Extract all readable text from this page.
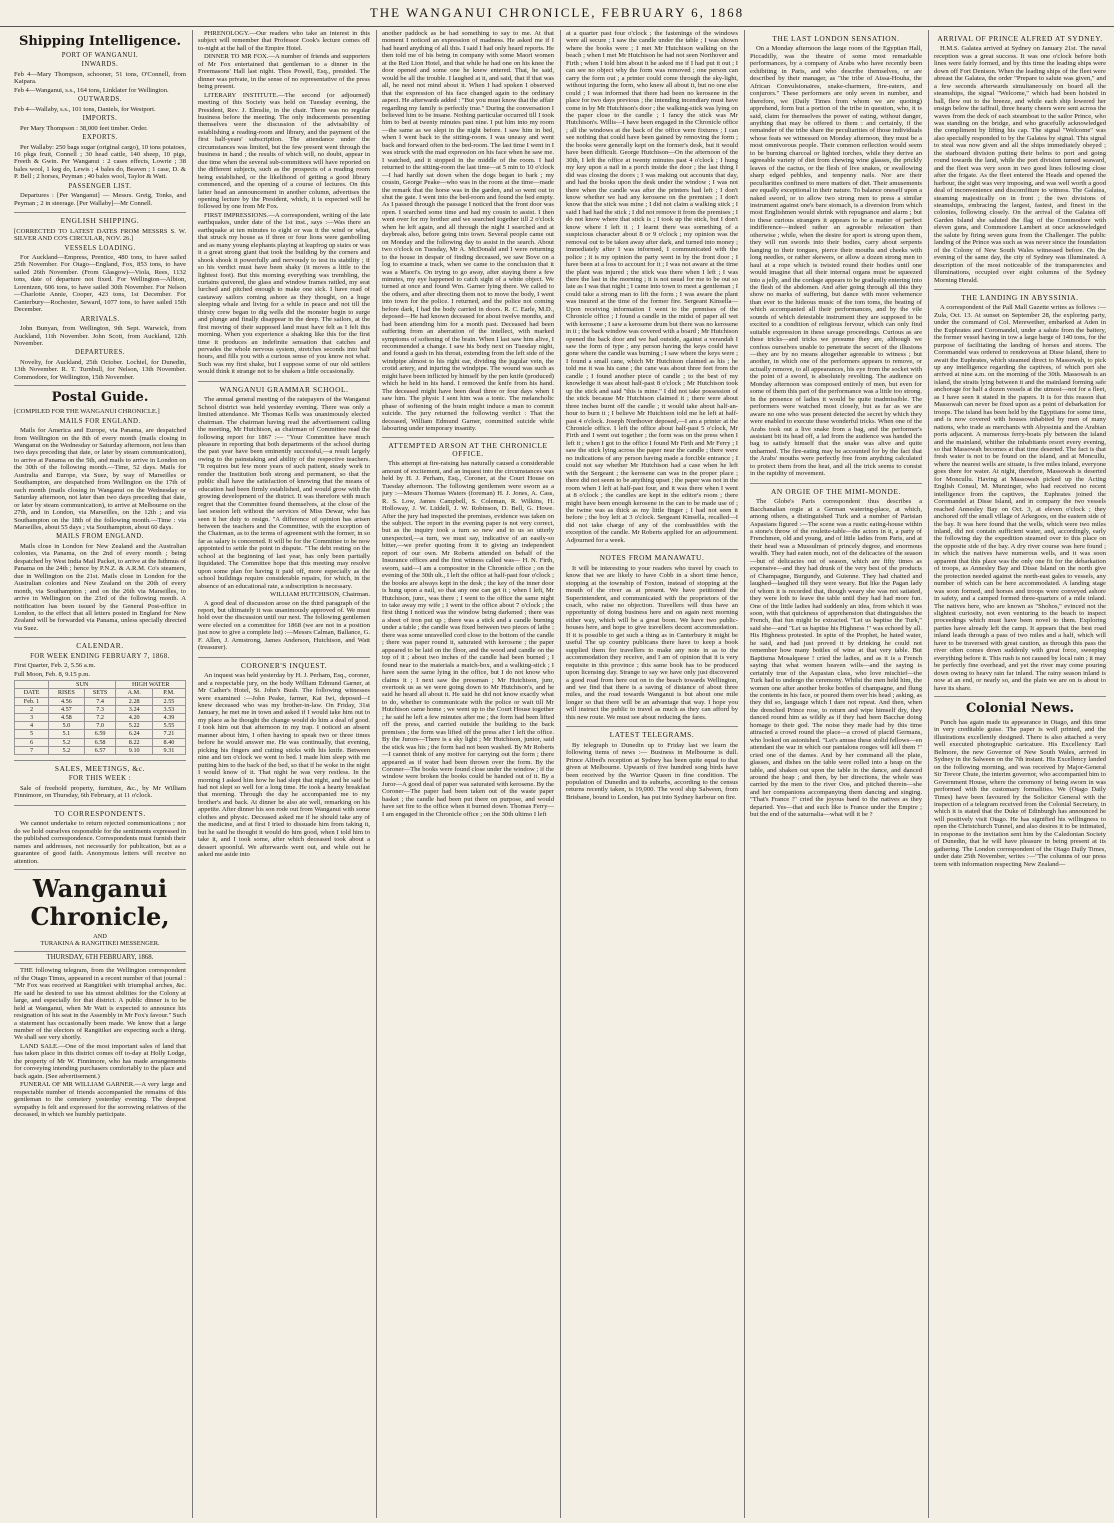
THE WANGANUI CHRONICLE, FEBRUARY 6, 1868
Shipping Intelligence.
PORT OF WANGANUI.
INWARDS.

Feb 4—Mary Thompson, schooner, 51 tons, O'Connell, from Kaipara.

Feb 4—Wanganui, s.s., 164 tons, Linklater for Wellington.

OUTWARDS.

Feb 4—Wallaby, s.s., 101 tons, Daniels, for Westport.

IMPORTS.

Per Mary Thompson : 38,000 feet timber. Order.

EXPORTS.

Per Wallaby: 250 bags sugar (original cargo), 10 tons potatoes, 16 pkgs fruit, Connell ; 30 head cattle, 140 sheep, 10 pigs, Freeth & Gwin. Per Wanganui : 2 cases effects, Lowrie ; 38 bales wool, 1 keg do, Lewis ; 4 bales do, Beaven ; 1 case, D. & P. Bell ; 2 horses, Peyman ; 40 bales wool, Taylor & Watt.

PASSENGER LIST.

Departures : [Per Wanganui] — Messrs. Greig, Tonks, and Peyman ; 2 in steerage. [Per Wallaby]—Mr Connell.

ENGLISH SHIPPING.

[CORRECTED TO LATEST DATES FROM MESSRS S. W. SILVER AND CO'S CIRCULAR, NOV. 26.]

VESSELS LOADING.

For Auckland—Empress, Prentice, 480 tons, to have sailed 25th November. For Otago—England, Fox, 853 tons, to have sailed 26th November. (From Glasgow)—Viola, Rees, 1132 tons, date of departure not fixed. For Wellington—Albion, Lorentzen, 606 tons, to have sailed 30th November. For Nelson—Charlotte Annie, Cooper, 423 tons, 1st December. For Canterbury—Rochester, Seward, 1077 tons, to have sailed 15th December.

ARRIVALS.

John Bunyan, from Wellington, 9th Sept. Warwick, from Auckland, 11th November. John Scott, from Auckland, 12th November.

DEPARTURES.

Novelty, for Auckland, 25th October. Lochiel, for Dunedin, 13th November. R. T. Turnbull, for Nelson, 13th November. Commodore, for Wellington, 15th November.

Postal Guide.

[COMPILED FOR THE WANGANUI CHRONICLE.]

MAILS FOR ENGLAND.

Mails for America and Europe, via Panama, are despatched from Wellington on the 8th of every month (mails closing in Wanganui on the Wednesday or Saturday afternoon, not less than two days preceding that date, or later by steam communication), to arrive at Panama on the 5th, and mails to arrive in London on the 30th of the following month.—Time, 52 days. Mails for Australia and Europe, via Suez, by way of Marseilles or Southampton, are despatched from Wellington on the 17th of each month (mails closing in Wanganui on the Wednesday or Saturday afternoon, not later than two days preceding that date, or later by steam communication), to arrive at Melbourne on the 27th, and in London, via Marseilles, on the 12th ; and via Southampton on the 18th of the following month.—Time : via Marseilles, about 55 days ; via Southampton, about 60 days.

MAILS FROM ENGLAND.

Mails close in London for New Zealand and the Australian colonies, via Panama, on the 2nd of every month ; being despatched by West India Mail Packet, to arrive at the Isthmus of Panama on the 24th ; hence by P.N.Z. & A.R.M. Co's steamers, due in Wellington on the 21st. Mails close in London for the Australian colonies and New Zealand on the 20th of every month, via Southampton ; and on the 26th via Marseilles, to arrive in Wellington on the 23rd of the following month. A notification has been issued by the General Post-office in London, to the effect that all letters posted in England for New Zealand will be forwarded via Panama, unless specially directed via Suez.

CALENDAR.
FOR WEEK ENDING FEBRUARY 7, 1868.

First Quarter, Feb. 2, 5.56 a.m.

Full Moon, Feb. 8, 9.15 p.m.

	SUN		HIGH WATER	
DATE	RISES	SETS	A.M.	P.M.
Feb. 1	4.56	7.4	2.28	2.55
2	4.57	7.3	3.24	3.53
3	4.58	7.2	4.20	4.39
4	5.0	7.0	5.22	5.55
5	5.1	6.59	6.24	7.21
6	5.2	6.58	8.22	8.40
7	5.2	6.57	9.10	9.31
SALES, MEETINGS, &c.
FOR THIS WEEK :

Sale of freehold property, furniture, &c., by Mr William Finnimore, on Thursday, 6th February, at 11 o'clock.

TO CORRESPONDENTS.

We cannot undertake to return rejected communications ; nor do we hold ourselves responsible for the sentiments expressed in the published correspondence. Correspondents must furnish their names and addresses, not necessarily for publication, but as a guarantee of good faith. Anonymous letters will receive no attention.

Wanganui Chronicle,
AND
TURAKINA & RANGITIKEI MESSENGER.
THURSDAY, 6TH FEBRUARY, 1868.

THE following telegram, from the Wellington correspondent of the Otago Times, appeared in a recent number of that journal : "Mr Fox was received at Rangitikei with triumphal arches, &c. He said he desired to use his utmost abilities for the Colony at large, and especially for that district. A public dinner is to be held at Wanganui, when Mr Watt is expected to announce his resignation of his seat in the Assembly in Mr Fox's favour." Such a statement has occasionally been made. We know that a large number of the electors of Rangitikei are expecting such a thing. We shall see very shortly.

LAND SALE.—One of the most important sales of land that has taken place in this district comes off to-day at Holly Lodge, the property of Mr W. Finnimore, who has made arrangements for conveying intending purchasers comfortably to the place and back again. (See advertisement.)

FUNERAL OF MR WILLIAM GARNER.—A very large and respectable number of friends accompanied the remains of this gentleman to the cemetery yesterday evening. The deepest sympathy is felt and expressed for the sorrowing relatives of the deceased, in which we humbly participate.

PHRENOLOGY.—Our readers who take an interest in this subject will remember that Professor Cook's lecture comes off to-night at the hall of the Empire Hotel.

DINNER TO MR FOX.—A number of friends and supporters of Mr Fox entertained that gentleman to a dinner in the Freemasons' Hall last night. Thos Powell, Esq., presided. The dinner was private, in the sense of no representative of the press being present.

LITERARY INSTITUTE.—The second (or adjourned) meeting of this Society was held on Tuesday evening, the President, Rev. J. Elmslie, in the chair. There was no regular business before the meeting. The only inducements presenting themselves were the discussion of the advisability of establishing a reading-room and library, and the payment of the first half-years' subscription. The attendance under the circumstances was limited, but the few present went through the business in hand ; the results of which will, no doubt, appear in due time when the several sub-committees will have reported on the different subjects, such as the prospects of a reading room being established, or the likelihood of getting a good library commenced, and the opening of a course of lectures. On this latter head an announcement in another column, advertises the opening lecture by the President, which, it is expected will be followed by one from Mr Fox.

FIRST IMPRESSIONS.—A correspondent, writing of the late earthquakes, under date of the 1st inst., says :—Was there an earthquake at ten minutes to eight or was it the wind or what, that struck my house as if three or four lions were gambolling and as many young elephants playing at leapfrog up stairs or was it a great strong giant that took the building by the corners and shook shook it powerfully and nervously to test its stability ; if so his verdict must have been shaky (it moves a little to the lightest foot). But this morning everything was trembling, the curtains quivered, the glass and window frames rattled, my seat lurched and pitched enough to make one sick. I have read of castaway sailors coming ashore as they thought, on a huge sleeping whale and living for a while in peace and not till the thirsty crew began to dig wells did the monster begin to surge and plunge and finally disappear in the deep. The sailors, at the first moving of their supposed land must have felt as I felt this morning. When you experience a shaking like this for the first time it produces an indefinite sensation that catches and pervades the whole nervous system, stretches seconds into half hours, and fills you with a curious sense of you know not what. Such was my first shake, but I suppose some of our old settlers would think it strange not to be shaken a little occasionally.

WANGANUI GRAMMAR SCHOOL.

The annual general meeting of the ratepayers of the Wanganui School district was held yesterday evening. There was only a limited attendance. Mr Thomas Kells was unanimously elected chairman. The chairman having read the advertisement calling the meeting, Mr Hutchison, as chairman of Committee read the following report for 1867 :— "Your Committee have much pleasure in reporting that both departments of the school during the past year have been eminently successful,—a result largely owing to the painstaking and ability of the respective teachers. "It requires but few more years of such patient, steady work to render the Institution both strong and permanent, so that the public shall have the satisfaction of knowing that the means of education had been firmly established, and would grow with the growing development of the district. It was therefore with much regret that the Committee found themselves, at the close of the last session left without the services of Miss Dewar, who has seen it her duty to resign. "A difference of opinion has arisen between the teachers and the Committee, with the exception of the Chairman, as to the terms of agreement with the former, in so far as salary is concerned. It will be for the Committee to be now appointed to settle the point in dispute. "The debt resting on the school at the beginning of last year, has only been partially liquidated. The Committee hope that this meeting may resolve upon some plan for having it paid off, more especially as the school buildings require considerable repairs, for which, in the absence of an educational rate, a subscription is necessary.

WILLIAM HUTCHISON, Chairman.

A good deal of discussion arose on the third paragraph of the report, but ultimately it was unanimously approved of. We must hold over the discussion until our next. The following gentlemen were elected on a committee for 1868 (we are not in a position just now to give a complete list) :—Messrs Calman, Ballance, G. F. Allen, J. Armstrong, James Anderson, Hutchison, and Watt (treasurer).

CORONER'S INQUEST.

An inquest was held yesterday by H. J. Perham, Esq., coroner, and a respectable jury, on the body William Edmund Garner, at Mr Cather's Hotel, St. John's Bush. The following witnesses were examined :—John Peake, farmer, Kai Iwi, deposed—I knew deceased who was my brother-in-law. On Friday, 31st January, he met me in town and asked if I would take him out to my place as he thought the change would do him a deal of good. I took him out that afternoon in my trap. I noticed an absent manner about him, I often having to speak two or three times before he would answer me. He was continually, that evening, picking his fingers and cutting sticks with his knife. Between nine and ten o'clock we went to bed. I made him sleep with me putting him to the back of the bed, so that if he woke in the night I would know of it. That night he was very restless. In the morning I asked him how he had slept that night, and he said he had not slept so well for a long time. He took a hearty breakfast that morning. Through the day he accompanied me to my brother's and back. At dinner he also ate well, remarking on his appetite. After dinner his son rode out from Wanganui with some clothes and physic. Deceased asked me if he should take any of the medicine, and at first I tried to dissuade him from taking it, but he said he thought it would do him good, when I told him to take it, and I took some, after which deceased took about a dessert spoonful. We afterwards went out, and while out he asked me aside into

another paddock as he had something to say to me. At that moment I noticed an expression of madness. He asked me if I had heard anything of all this. I said I had only heard reports. He then told me of his being in company with some Maori women at the Red Lion Hotel, and that while he had one on his knee the door opened and some one he knew entered. That, he said, would be all the trouble. I laughed at it, and said, that if that was all, he need not mind about it. When I had spoken I observed that the expression of his face changed again to the ordinary aspect. He afterwards added : "But you must know that the affair regarding my family is perfectly true." During the conversation I believed him to be insane. Nothing particular occurred till I took him to bed at twenty minutes past nine. I put him into my room—the same as we slept in the night before. I saw him in bed, when I went back to the sitting-room. I was uneasy and went back and forward often to the bed-room. The last time I went in I was struck with the mad expression on his face when he saw me. I watched, and it stopped in the middle of the room. I had returned to the sitting-room the last time—at 5 min to 10 o'clock—I had hardly sat down when the dogs began to bark ; my cousin, George Peake—who was in the room at the time—made the remark that the horse was in the garden, and so went out to shut the gate. I went into the bed-room and found the bed empty. As I passed through the passage I noticed that the front door was open. I searched some time and had my cousin to assist. I then went over for my brother and we searched together till 2 o'clock when he left again, and all through the night I searched and at daybreak also, before going into town. Several people came out on Monday and the following day to assist in the search. About two o'clock on Tuesday, Mr A. McDonald and I were returning to the house in despair of finding deceased, we saw Bove on a log to examine a track, when we came to the conclusion that it was a Maori's. On trying to go away, after staying there a few minutes, my eye happened to catch sight of a white object. We turned at once and found Wm. Garner lying there. We called to the others, and after directing them not to move the body, I went into town for the police. I returned, and the police not coming before dark, I had the body carried in doors. R. C. Earle, M.D., deposed—He had known deceased for about twelve months, and had been attending him for a month past. Deceased had been suffering from an aberration of the intellect, with marked symptoms of softening of the brain. When I last saw him alive, I recommended a change. I saw his body next on Tuesday night, and found a gash in his throat, extending from the left side of the windpipe almost to his right ear, dividing the jugular vein, the crotid artery, and injuring the windpipe. The wound was such as might have been inflicted by himself by the pen knife (produced) which he held in his hand. I removed the knife from his hand. The deceased might have been dead three or four days when I saw him. The physic I sent him was a tonic. The melancholic phase of softening of the brain might induce a man to commit suicide. The jury returned the following verdict : That the deceased, William Edmund Garner, committed suicide while labouring under temporary insanity.

ATTEMPTED ARSON AT THE CHRONICLE OFFICE.

This attempt at fire-raising has naturally caused a considerable amount of excitement, and an inquest into the circumstances was held by H. J. Perham, Esq., Coroner, at the Court House on Tuesday afternoon. The following gentlemen were sworn as a jury :—Messrs Thomas Waters (foreman) H. J. Jones, A. Cass, R. S. Low, James Campbell, S. Coleman, R. Wilkins, H. Holloway, J. W. Liddell, J. W. Robinson, D. Bell, G. Howe. After the jury had inspected the premises, evidence was taken on the subject. The report in the evening paper is not very correct, but as the inquiry took a turn so new and to us so utterly unexpected,—a turn, we must say, indicative of an easily-so bitter,—we prefer quoting from it to giving an independent report of our own. Mr Roberts attended on behalf of the Insurance offices and the first witness called was— H. N. Firth, sworn, said—I am a compositor in the Chronicle office ; on the evening of the 30th ult., I left the office at half-past four o'clock ; the books are always kept in the desk ; the key of the inner door is hung upon a nail, so that any one can get it ; when I left, Mr Hutchison, junr., was there ; I went to the office the same night to take away my wife ; I went to the office about 7 o'clock ; the first thing I noticed was the window being darkened ; there was a sheet of iron put up ; there was a stick and a candle burning under a table ; the candle was fixed between two pieces of lathe ; there was some unravelled cord close to the bottom of the candle ; there was paper round it, saturated with kerosene ; the paper appeared to be laid on the floor, and the wood and candle on the top of it ; about two inches of the candle had been burned ; I found near to the materials a match-box, and a walking-stick ; I have seen the same lying in the office, but I do not know who claims it ; I next saw the pressman ; Mr Hutchison, junr, overtook us as we were going down to Mr Hutchison's, and he said he heard all about it. He said he did not know exactly what to do, whether to communicate with the police or wait till Mr Hutchison came home ; we went up to the Court House together ; he said he left a few minutes after me ; the form had been lifted off the press, and carried outside the building to the back premises ; the form was lifted off the press after I left the office. By the Jurors—There is a sky light ; Mr Hutchison, junior, said the stick was his ; the form had not been washed. By Mr Roberts—I cannot think of any motive for carrying out the form ; there appeared as if water had been thrown over the form. By the Coroner—The books were found close under the window ; if the window were broken the books could be handed out of it. By a Juror—A good deal of paper was saturated with kerosene. By the Coroner—The paper had been taken out of the waste paper basket ; the candle had been put there on purpose, and would have set fire to the office when it burned down. Thomas Ferry—I am engaged in the Chronicle office ; on the 30th ultimo I left

at a quarter past four o'clock ; the fastenings of the windows were all secure ; I saw the candle under the table ; I was shown where the books were ; I met Mr Hutchison walking on the beach ; when I met Mr Hutchison he had not seen Northover and Firth ; when I told him about it he asked me if I had put it out ; I can see no object why the form was removed ; one person can carry the form out ; a printer could come through the sky-light, without injuring the form, who knew all about it, but no one else could ; I was informed that there had been no kerosene in the place for two days previous ; the intending incendiary must have come in by Mr Hutchison's door ; the walking-stick was lying on the paper close to the candle ; I fancy the stick was Mr Hutchison's. Willis—I have been engaged in the Chronicle office ; all the windows at the back of the office were fixtures ; I can see nothing that could have been gained by removing the form ; the books were generally kept on the former's desk, but it would have been difficult. George Hutchison—On the afternoon of the 30th, I left the office at twenty minutes past 4 o'clock ; I hung my key upon a nail in a porch inside the door ; the last thing I did was closing the doors ; I was making out accounts that day, and had the books upon the desk under the window ; I was not there when the candle was after the printers had left ; I don't know whether we had any kerosene on the premises ; I don't know that the stick was mine ; I did not claim a walking stick ; I said I had had the stick ; I did not remove it from the premises ; I do not know where that stick is ; I took up the stick, but I don't know where I left it ; I learnt there was something of a suspicious character about 8 or 9 o'clock ; my opinion was the removal out to be taken away after dark, and turned into money ; immediately after I was informed, I communicated with the police ; it is my opinion the party went in by the front door ; I have been at a loss to account for it ; I was not aware at the time the plant was injured ; the stick was there when I left ; I was there the last in the morning ; it is not usual for me to be out so late as I was that night ; I came into town to meet a gentleman ; I could take a strong man to lift the form ; I was aware the plant was insured at the time of the former fire. Sergeant Kinsella—Upon receiving information I went to the premises of the Chronicle office ; I found a candle in the midst of paper all wet with kerosene ; I saw a kerosene drum but there was no kerosene in it ; the back window was covered with a board ; Mr Hutchison opened the back door and we had outside, against a verandah I saw the form of type ; any person having the keys could have gone where the candle was burning ; I saw where the keys were ; I found a small cane, which Mr Hutchison claimed as his ; he told me it was his cane ; the cane was about three feet from the candle ; I found another piece of candle ; to the best of my knowledge it was about half-past 8 o'clock ; Mr Hutchison took up the stick and said "this is mine." I did not take possession of the stick because Mr Hutchison claimed it ; there were about three inches burnt off the candle ; it would take about half-an-hour to burn it ; I believe Mr Hutchison told me he left at half-past 4 o'clock. Joseph Northover deposed,—I am a printer at the Chronicle office. I left the office about half-past 5 o'clock, Mr Firth and I went out together ; the form was on the press when I left it ; when I got to the office I found Mr Firth and Mr Ferry ; I saw the stick lying across the paper near the candle ; there were no indications of any person having made a forcible entrance ; I could not say whether Mr Hutchison had a case when he left with the Sergeant ; the kerosene can was in the proper place ; there did not seem to be anything upset ; the paper was not in the room when I left at half-past four, and it was there when I went at 8 o'clock ; the candles are kept in the editor's room ; there might have been enough kerosene in the can to be made use of ; the twine was as thick as my little finger ; I had not seen it before ; the boy left at 3 o'clock. Sergeant Kinsella, recalled—I did not take charge of any of the combustibles with the exception of the candle. Mr Roberts applied for an adjournment. Adjourned for a week.

NOTES FROM MANAWATU.

It will be interesting to your readers who travel by coach to know that we are likely to have Cobb in a short time hence, stopping at the township of Foxton, instead of stopping at the mouth of the river as at present. We have petitioned the Superintendent, and communicated with the proprietors of the coach, who raise no objection. Travellers will thus have an opportunity of doing business here and on again next morning either way, which will be a great boon. We have two public-houses here, and hope to give travellers decent accommodation. If it is possible to get such a thing as in Canterbury it might be useful The up country publicans there have to keep a book supplied them for travellers to make any note in as to the accommodation they receive, and I am of opinion that it is very requisite in this province ; this same book has to be produced upon licensing day. Strange to say we have only just discovered a good road from here out on to the beach towards Wellington, and we find that there is a saving of distance of about three miles, and the road towards Wanganui is but about one mile longer so that there will be an advantage that way. I hope you will instruct the public to travel as much as they can afford by this new route. We must see about reducing the fares.

LATEST TELEGRAMS.

By telegraph to Dunedin up to Friday last we learn the following items of news :— Business in Melbourne is dull. Prince Alfred's reception at Sydney has been quite equal to that given at Melbourne. Upwards of five hundred song birds have been received by the Warrior Queen in fine condition. The population of Dunedin and its suburbs, according to the census returns recently taken, is 19,000. The wool ship Salween, from Brisbane, bound to London, has put into Sydney harbour on fire.

THE LAST LONDON SENSATION.

On a Monday afternoon the large room of the Egyptian Hall, Piccadilly, was the theatre of some most remarkable performances, by a company of Arabs who have recently been exhibiting in Paris, and who describe themselves, or are described by their manager, as "the tribe of Aissa-Houha, the African Convulsionaires, snake-charmers, fire-eaters, and conjurors." These performers are only seven in number, and therefore, we (Daily Times from whom we are quoting) apprehend, form but a portion of the tribe in question, who, it is said, claim for themselves the power of eating, without danger, anything that may be offered to them : and certainly, if the remainder of the tribe share the peculiarities of those individuals whose feats we witnessed on Monday afternoon, they must be a most omnivorous people. Their common reflection would seem to be burning charcoal or lighted torches, while they derive an agreeable variety of diet from chewing wine glasses, the prickly leaves of the cactus, or the flesh of live snakes, or swallowing sharp edged pebbles, and tenpenny nails. Nor are their peculiarities confined to mere matters of diet. Their amusements are equally exceptional in their nature. To balance oneself upon a naked sword, or to allow two strong men to press a similar instrument against one's bare stomach, is a diversion from which most Englishmen would shrink with repugnance and alarm ; but to these curious strangers it appears to be a matter of perfect indifference—indeed rather an agreeable relaxation than otherwise ; while, when the desire for sport is strong upon them, they will run swords into their bodies, carry about serpents hanging to their tongues, pierce their mouths and cheeks with long needles, or rather skewers, or allow a dozen strong men to haul at a rope which is twisted round their bodies until one would imagine that all their internal organs must be squeezed into a jelly, and the cordage appears to be gradually entering into the flesh of the abdomen. And after going through all this they show no marks of suffering, but dance with more vehemence than ever to the hideous music of the tom toms, the beating of which accompanied all their performances, and by the vile sounds of which detestable instrument they are supposed to be excited to a condition of religious fervour, which can only find suitable expression in these savage proceedings. Curious as are these tricks—and tricks we presume they are, although we confess ourselves unable to penetrate the secret of the illusions—they are by no means altogether agreeable to witness ; but another, in which one of the performers appears to remove, or actually remove, to all appearances, his eye from the socket with the point of a sword, is absolutely revolting. The audience on Monday afternoon was composed entirely of men, but even for some of them this part of the performance was a little too strong. In the presence of ladies it would be quite inadmissible. The performers were watched most closely, but as far as we are aware no one who was present detected the secret by which they were enabled to execute these wonderful tricks. When one of the Arabs took out a live snake from a bag, and the performer's assistant bit its head off, a lad from the audience was handed the bag to satisfy himself that the snake was alive and quite unharmed. The fire-eating may be accounted for by the fact that the Arabs' mouths were perfectly free from anything calculated to protect them from the heat, and all the trick seems to consist in the rapidity of movement.

AN ORGIE OF THE MIMI-MONDE.

The Globe's Paris correspondent thus describes a Bacchanalian orgie at a German watering-place, at which, among others, a distinguished Turk and a number of Parisian Aspasians figured :—The scene was a rustic eating-house within a stone's throw of the roulette-table—the actors in it, a party of Frenchmen, old and young, and of little ladies from Paris, and at their head was a Mussulman of princely degree, and enormous wealth. They had eaten much, not of the delicacies of the season—but of delicacies out of season, which are fifty times as expensive—and they had drunk of the very best of the products of Champagne, Burgundy, and Guienne. They had chatted and laughed—laughed till they were weary. But like the Pagan lady of whom it is recorded that, though weary she was not satiated, they were loth to leave the table until they had had more fun. One of the little ladies had suddenly an idea, from which it was soon, with that quickness of apprehension that distinguishes the French, that fun might be extracted. "Let us baptise the Turk," said she—and "Let us baptise his Highness !" was echoed by all. His Highness protested. In spite of the Prophet, he hated water, he said, and had just proved it by drinking he could not remember how many bottles of wine at that very table. But Baptisma Mosalquese ! cried the ladies, and as it is a French saying that what women heaven wills—and the saying is certainly true of the Aspasian class, who love mischief—the Turk had to undergo the ceremony. Whilst the men held him, the women one after another broke bottles of champagne, and flung the contents in his face, or poured them over his head ; asking, as they did so, language which I dare not repeat. And then, when the drenched Prince rose, to return and wipe himself dry, they danced round him as wildly as if they had been Bacchæ doing homage to their god. The noise they made had by this time attracted a crowd round the place—a crowd of placid Germans, who looked on astonished. "Let's amuse these stolid fellows—en attendant the war in which our pantalons rouges will kill them !" cried one of the dames. And by her command all the plate, glasses, and dishes on the table were rolled into a heap on the table, and shaken out upon the table in the dance, and danced around the heap ; and then, by her directions, the whole was carried by the men to the river Oos, and pitched therein—she and her companions accompanying them dancing and singing. "That's France !" cried the joyous band to the natives as they departed. Yes—that and such like is France under the Empire ; but the end of the saturnalia—what will it be ?

ARRIVAL OF PRINCE ALFRED AT SYDNEY.

H.M.S. Galatea arrived at Sydney on January 21st. The naval reception was a great success. It was one o'clock before both lines were fairly formed, and by this time the leading ships were down off Fort Denison. When the leading ships of the fleet were abreast the Galatea, the order "Prepare to salute was given," and a few seconds afterwards simultaneously on board all the steamships, the signal "Welcome," which had been hoisted in ball, flew out to the breeze, and while each ship lowered her ensign below the taffrail, three hearty cheers were sent across the waves from the deck of each steamboat to the sailor Prince, who was standing on the bridge, and who gracefully acknowledged the compliment by lifting his cap. The signal "Welcome" was also specially responded to by the Galatea by signal. This signal to steal was now given and all the ships immediately obeyed ; the starboard division putting their helms to port and going round towards the land, while the port division turned seaward, and the fleet was very soon in two good lines following close after the frigate. As the fleet entered the Heads and opened the harbour, the sight was very imposing, and was well worth a good deal of inconvenience and discomfiture to witness. The Galatea, steaming majestically on in front ; the two divisions of steamships, embracing the largest, fastest, and finest in the colonies, following closely. On the arrival of the Galatea off Garden Island she saluted the flag of the Commodore with eleven guns, and Commodore Lambert at once acknowledged the salute by firing seven guns from the Challenger. The public landing of the Prince was such as was never since the foundation of the Colony of New South Wales witnessed before. On the evening of the same day, the city of Sydney was illuminated. A description of the most noticeable of the transparencies and illuminations, occupied over eight columns of the Sydney Morning Herald.

THE LANDING IN ABYSSINIA.

A correspondent of the Pall Mall Gazette writes as follows :—Zula, Oct. 13. At sunset on September 28, the exploring party, under the command of Col. Merewether, embarked at Aden in the Euphrates and Coromandel, under a salute from the battery, the former vessel having in tow a large barge of 140 tons, for the purpose of facilitating the landing of horses and stores. The Coromandel was ordered to rendezvous at Disse Island, there to await the Euphrates, which steamed direct to Massowah, to pick up any intelligence regarding the captives, of which port she arrived at nine a.m. on the morning of the 30th. Massowah is an island, the straits lying between it and the mainland forming safe anchorage for half a dozen vessels at the utmost—not for a fleet, as I have seen it stated in the papers. It is for this reason that Massowah can never be fixed upon as a point of debarkation for troops. The island has been held by the Egyptians for some time, and is now covered with houses inhabited by men of many nations, who trade as merchants with Abyssinia and the Arabian ports adjacent. A numerous ferry-boats ply between the island and the mainland, whither the inhabitants resort every evening, so that Massowah becomes at that time deserted. The fact is that fresh water is not to be found on the island, and at Moncullu, where the nearest wells are situate, is five miles inland, everyone goes there for water. At night, therefore, Massowah is deserted for Moncullu. Having at Massowah picked up the Acting English Consul, M. Munzinger, who had received no recent intelligence from the captives, the Euphrates joined the Coromandel at Disse Island, and in company the two vessels reached Annesley Bay on Oct. 3, at eleven o'clock ; they anchored off the small village of Arkegoos, on the eastern side of the bay. It was here found that the wells, which were two miles inland, did not contain sufficient water, and, accordingly, early the following day the expedition steamed over to this place on the opposite side of the bay. A dry river course was here found ; in which the natives have numerous wells, and it was soon apparent that this place was the only one fit for the debarkation of troops, as Annesley Bay and Disse Island on the north give the protection needed against the north-east gales to vessels, any number of which can be here accommodated. A landing stage was soon formed, and horses and troops were conveyed ashore in safety, and a camped formed three-quarters of a mile inland. The natives here, who are known as "Shohos," evinced not the slightest curiosity, not even venturing to the beach to inspect proceedings which must have been novel to them. Exploring parties have already left the camp. It appears that the best road inland leads through a pass of two miles and a half, which will have to be traversed with great caution, as through this pass the river often comes down suddenly with great force, sweeping everything before it. This rush is not caused by local rain ; it may be perfectly fine overhead, and yet the river may come pouring down owing to heavy rain far inland. The rainy season inland is now at an end, or nearly so, and the plain we are on is about to have its share.

Colonial News.

Punch has again made its appearance in Otago, and this time in very creditable guise. The paper is well printed, and the illustrations excellently designed. There is also attached a very well executed photographic caricature. His Excellency Earl Belmore, the new Governor of New South Wales, arrived in Sydney in the Salween on the 7th instant. His Excellency landed on the following morning, and was received by Major-General Sir Trevor Chute, the interim governor, who accompanied him to Government House, where the ceremony of being sworn in was performed with the customary formalities. We (Otago Daily Times) have been favoured by the Solicitor General with the inspection of a telegram received from the Colonial Secretary, in which it is stated that the Duke of Edinburgh has announced he will positively visit Otago. He has signified his willingness to open the Christchurch Tunnel, and also desires it to be intimated, in response to the invitation sent him by the Caledonian Society of Dunedin, that he will have pleasure in being present at its gathering. The London correspondent of the Otago Daily Times, under date 25th November, writes :—"The columns of our press teem with information respecting New Zealand—
